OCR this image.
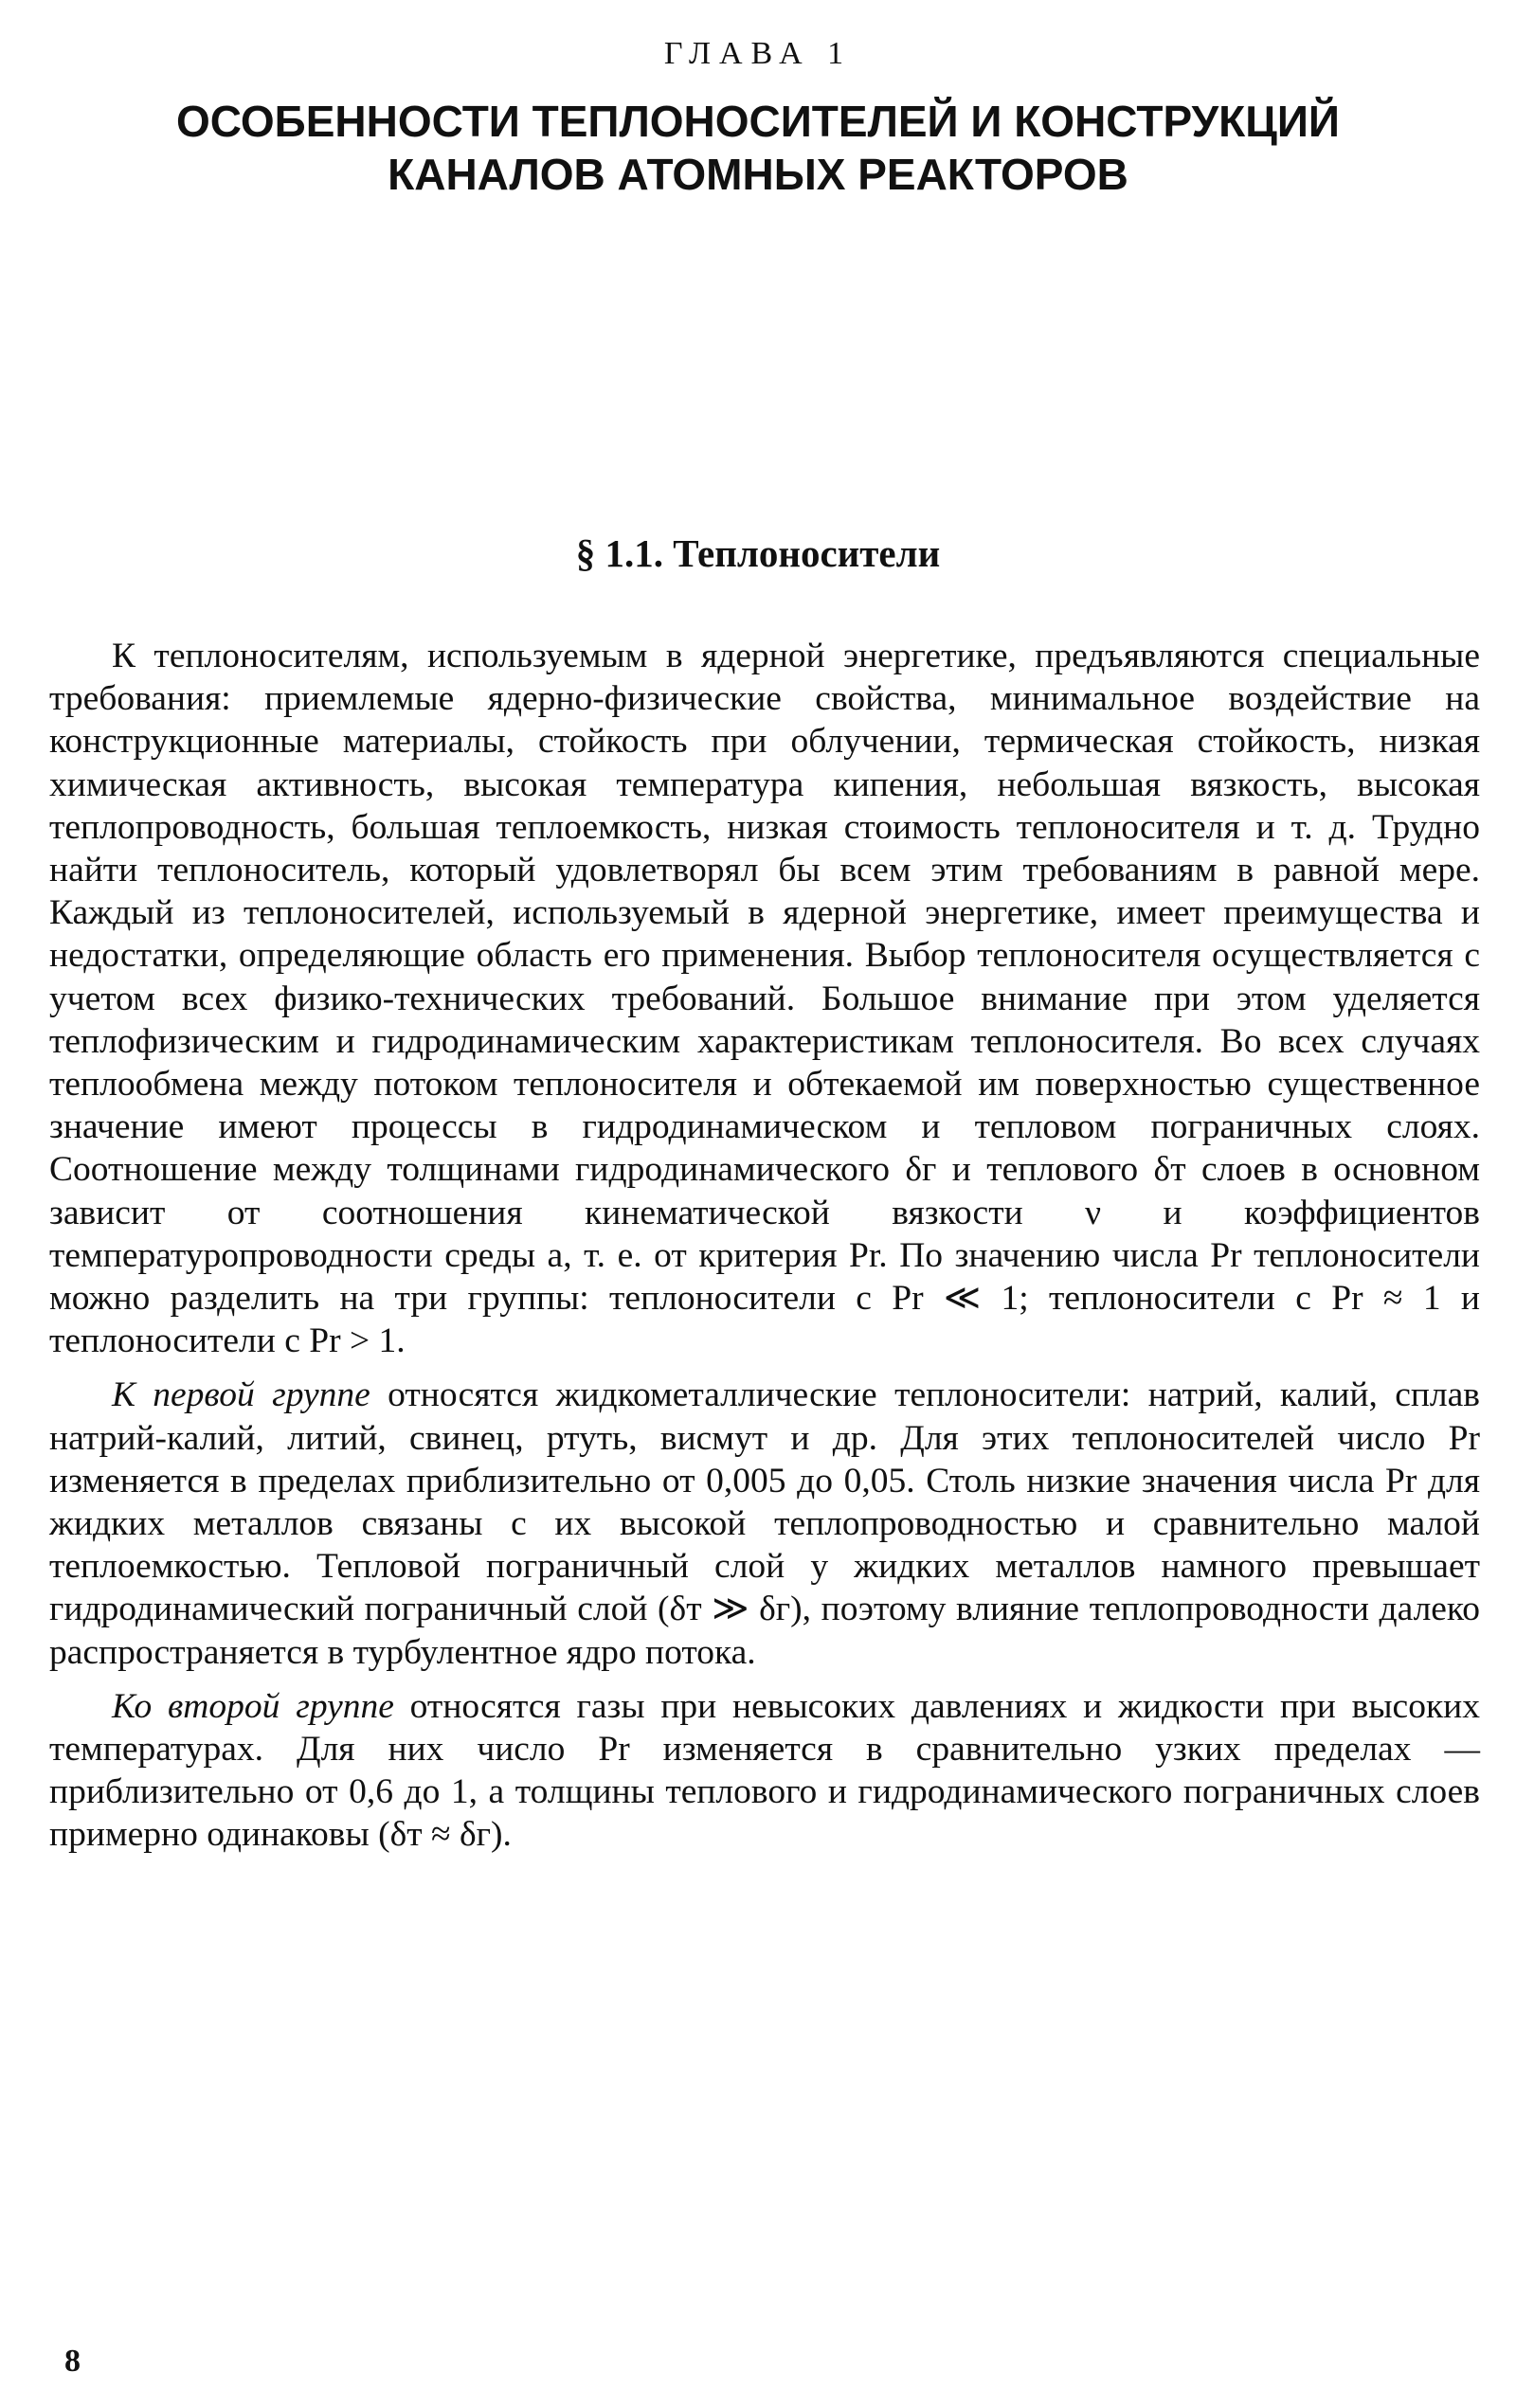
ГЛАВА 1

ОСОБЕННОСТИ ТЕПЛОНОСИТЕЛЕЙ И КОНСТРУКЦИЙ
КАНАЛОВ АТОМНЫХ РЕАКТОРОВ
§ 1.1. Теплоносители

К теплоносителям, используемым в ядерной энергетике, предъявляются специальные требования: приемлемые ядерно-физические свойства, минимальное воздействие на конструкционные материалы, стойкость при облучении, термическая стойкость, низкая химическая активность, высокая температура кипения, небольшая вязкость, высокая теплопроводность, большая теплоемкость, низкая стоимость теплоносителя и т. д. Трудно найти теплоноситель, который удовлетворял бы всем этим требованиям в равной мере. Каждый из теплоносителей, используемый в ядерной энергетике, имеет преимущества и недостатки, определяющие область его применения. Выбор теплоносителя осуществляется с учетом всех физико-технических требований. Большое внимание при этом уделяется теплофизическим и гидродинамическим характеристикам теплоносителя. Во всех случаях теплообмена между потоком теплоносителя и обтекаемой им поверхностью существенное значение имеют процессы в гидродинамическом и тепловом пограничных слоях. Соотношение между толщинами гидродинамического δг и теплового δт слоев в основном зависит от соотношения кинематической вязкости ν и коэффициентов температуропроводности среды a, т. е. от критерия Pr. По значению числа Pr теплоносители можно разделить на три группы: теплоносители с Pr ≪ 1; теплоносители с Pr ≈ 1 и теплоносители с Pr > 1.

К первой группе относятся жидкометаллические теплоносители: натрий, калий, сплав натрий-калий, литий, свинец, ртуть, висмут и др. Для этих теплоносителей число Pr изменяется в пределах приблизительно от 0,005 до 0,05. Столь низкие значения числа Pr для жидких металлов связаны с их высокой теплопроводностью и сравнительно малой теплоемкостью. Тепловой пограничный слой у жидких металлов намного превышает гидродинамический пограничный слой (δт ≫ δг), поэтому влияние теплопроводности далеко распространяется в турбулентное ядро потока.

Ко второй группе относятся газы при невысоких давлениях и жидкости при высоких температурах. Для них число Pr изменяется в сравнительно узких пределах — приблизительно от 0,6 до 1, а толщины теплового и гидродинамического пограничных слоев примерно одинаковы (δт ≈ δг).

8
